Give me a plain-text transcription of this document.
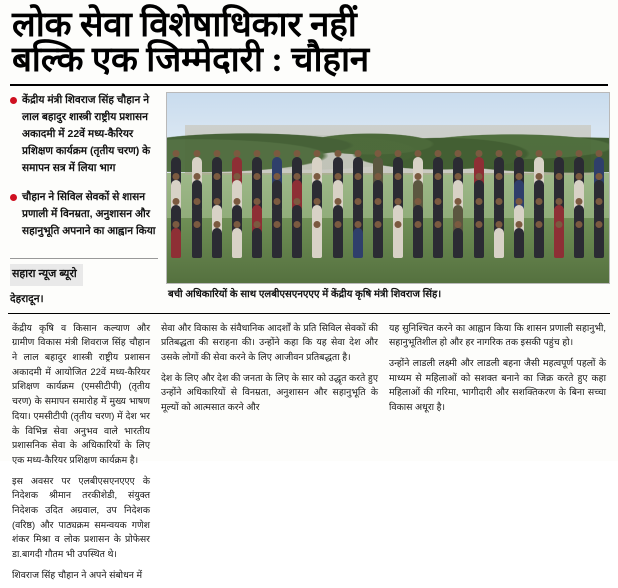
लोक सेवा विशेषाधिकार नहीं
बल्कि एक जिम्मेदारी : चौहान
केंद्रीय मंत्री शिवराज सिंह चौहान ने लाल बहादुर शास्त्री राष्ट्रीय प्रशासन अकादमी में 22वें मध्य-कैरियर प्रशिक्षण कार्यक्रम (तृतीय चरण) के समापन सत्र में लिया भाग
चौहान ने सिविल सेवकों से शासन प्रणाली में विनम्रता, अनुशासन और सहानुभूति अपनाने का आह्वान किया
सहारा न्यूज ब्यूरो
देहरादून।	बची अधिकारियों के साथ एलबीएसएनएएए में केंद्रीय कृषि मंत्री शिवराज सिंह।

केंद्रीय कृषि व किसान कल्याण और ग्रामीण विकास मंत्री शिवराज सिंह चौहान ने लाल बहादुर शास्त्री राष्ट्रीय प्रशासन अकादमी में आयोजित 22वें मध्य-कैरियर प्रशिक्षण कार्यक्रम (एमसीटीपी) (तृतीय चरण) के समापन समारोह में मुख्य भाषण दिया। एमसीटीपी (तृतीय चरण) में देश भर के विभिन्न सेवा अनुभव वाले भारतीय प्रशासनिक सेवा के अधिकारियों के लिए एक मध्य-कैरियर प्रशिक्षण कार्यक्रम है।

इस अवसर पर एलबीएसएनएएए के निदेशक श्रीमान तरकीशेडी, संयुक्त निदेशक उदित अग्रवाल, उप निदेशक (वरिष्ठ) और पाठ्यक्रम समन्वयक गणेश शंकर मिश्रा व लोक प्रशासन के प्रोफेसर डा.बागदी गौतम भी उपस्थित थे।

शिवराज सिंह चौहान ने अपने संबोधन में

सेवा और विकास के संवैधानिक आदर्शों के प्रति सिविल सेवकों की प्रतिबद्धता की सराहना की। उन्होंने कहा कि यह सेवा देश और उसके लोगों की सेवा करने के लिए आजीवन प्रतिबद्धता है।

देश के लिए और देश की जनता के लिए के सार को उद्धृत करते हुए उन्होंने अधिकारियों से विनम्रता, अनुशासन और सहानुभूति के मूल्यों को आत्मसात करने और

यह सुनिश्चित करने का आह्वान किया कि शासन प्रणाली सहानुभी, सहानुभूतिशील हो और हर नागरिक तक इसकी पहुंच हो।

उन्होंने लाडली लक्ष्मी और लाडली बहना जैसी महत्वपूर्ण पहलों के माध्यम से महिलाओं को सशक्त बनाने का जिक्र करते हुए कहा महिलाओं की गरिमा, भागीदारी और सशक्तिकरण के बिना सच्चा विकास अधूरा है।
